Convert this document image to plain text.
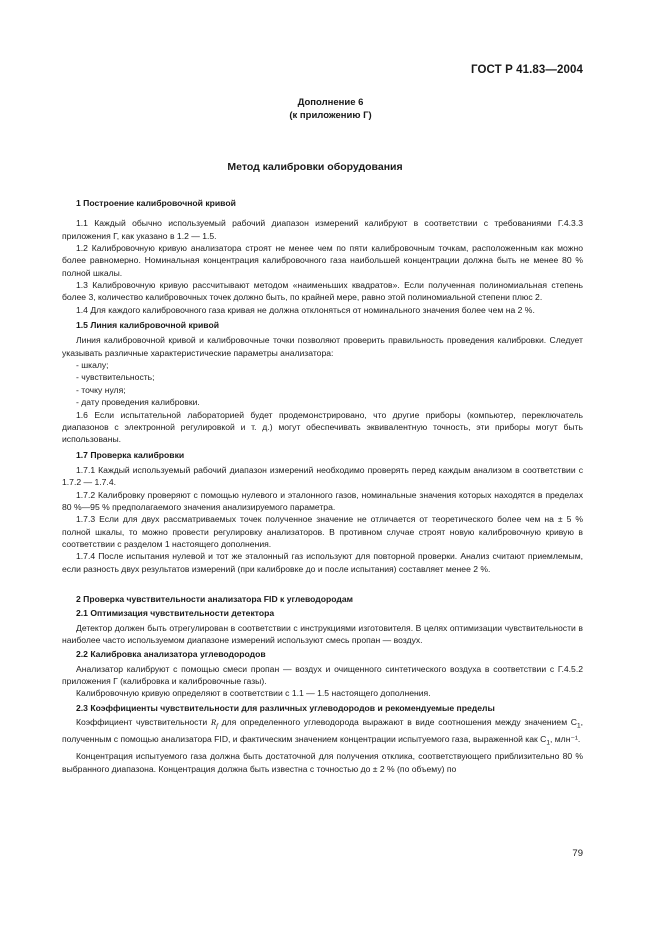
ГОСТ Р 41.83—2004
Дополнение 6
(к приложению Г)
Метод калибровки оборудования

1 Построение калибровочной кривой

1.1 Каждый обычно используемый рабочий диапазон измерений калибруют в соответствии с требованиями Г.4.3.3 приложения Г, как указано в 1.2 — 1.5.

1.2 Калибровочную кривую анализатора строят не менее чем по пяти калибровочным точкам, расположенным как можно более равномерно. Номинальная концентрация калибровочного газа наибольшей концентрации должна быть не менее 80 % полной шкалы.

1.3 Калибровочную кривую рассчитывают методом «наименьших квадратов». Если полученная полиномиальная степень более 3, количество калибровочных точек должно быть, по крайней мере, равно этой полиномиальной степени плюс 2.

1.4 Для каждого калибровочного газа кривая не должна отклоняться от номинального значения более чем на 2 %.

1.5 Линия калибровочной кривой

Линия калибровочной кривой и калибровочные точки позволяют проверить правильность проведения калибровки. Следует указывать различные характеристические параметры анализатора:

- шкалу;

- чувствительность;

- точку нуля;

- дату проведения калибровки.

1.6 Если испытательной лабораторией будет продемонстрировано, что другие приборы (компьютер, переключатель диапазонов с электронной регулировкой и т. д.) могут обеспечивать эквивалентную точность, эти приборы могут быть использованы.

1.7 Проверка калибровки

1.7.1 Каждый используемый рабочий диапазон измерений необходимо проверять перед каждым анализом в соответствии с 1.7.2 — 1.7.4.

1.7.2 Калибровку проверяют с помощью нулевого и эталонного газов, номинальные значения которых находятся в пределах 80 %—95 % предполагаемого значения анализируемого параметра.

1.7.3 Если для двух рассматриваемых точек полученное значение не отличается от теоретического более чем на ± 5 % полной шкалы, то можно провести регулировку анализаторов. В противном случае строят новую калибровочную кривую в соответствии с разделом 1 настоящего дополнения.

1.7.4 После испытания нулевой и тот же эталонный газ используют для повторной проверки. Анализ считают приемлемым, если разность двух результатов измерений (при калибровке до и после испытания) составляет менее 2 %.

2 Проверка чувствительности анализатора FID к углеводородам

2.1 Оптимизация чувствительности детектора

Детектор должен быть отрегулирован в соответствии с инструкциями изготовителя. В целях оптимизации чувствительности в наиболее часто используемом диапазоне измерений используют смесь пропан — воздух.

2.2 Калибровка анализатора углеводородов

Анализатор калибруют с помощью смеси пропан — воздух и очищенного синтетического воздуха в соответствии с Г.4.5.2 приложения Г (калибровка и калибровочные газы).

Калибровочную кривую определяют в соответствии с 1.1 — 1.5 настоящего дополнения.

2.3 Коэффициенты чувствительности для различных углеводородов и рекомендуемые пределы

Коэффициент чувствительности $R_f$ для определенного углеводорода выражают в виде соотношения между значением $С_1$, полученным с помощью анализатора FID, и фактическим значением концентрации испытуемого газа, выраженной как $С_1$, млн⁻¹.

Концентрация испытуемого газа должна быть достаточной для получения отклика, соответствующего приблизительно 80 % выбранного диапазона. Концентрация должна быть известна с точностью до ± 2 % (по объему) по

79
